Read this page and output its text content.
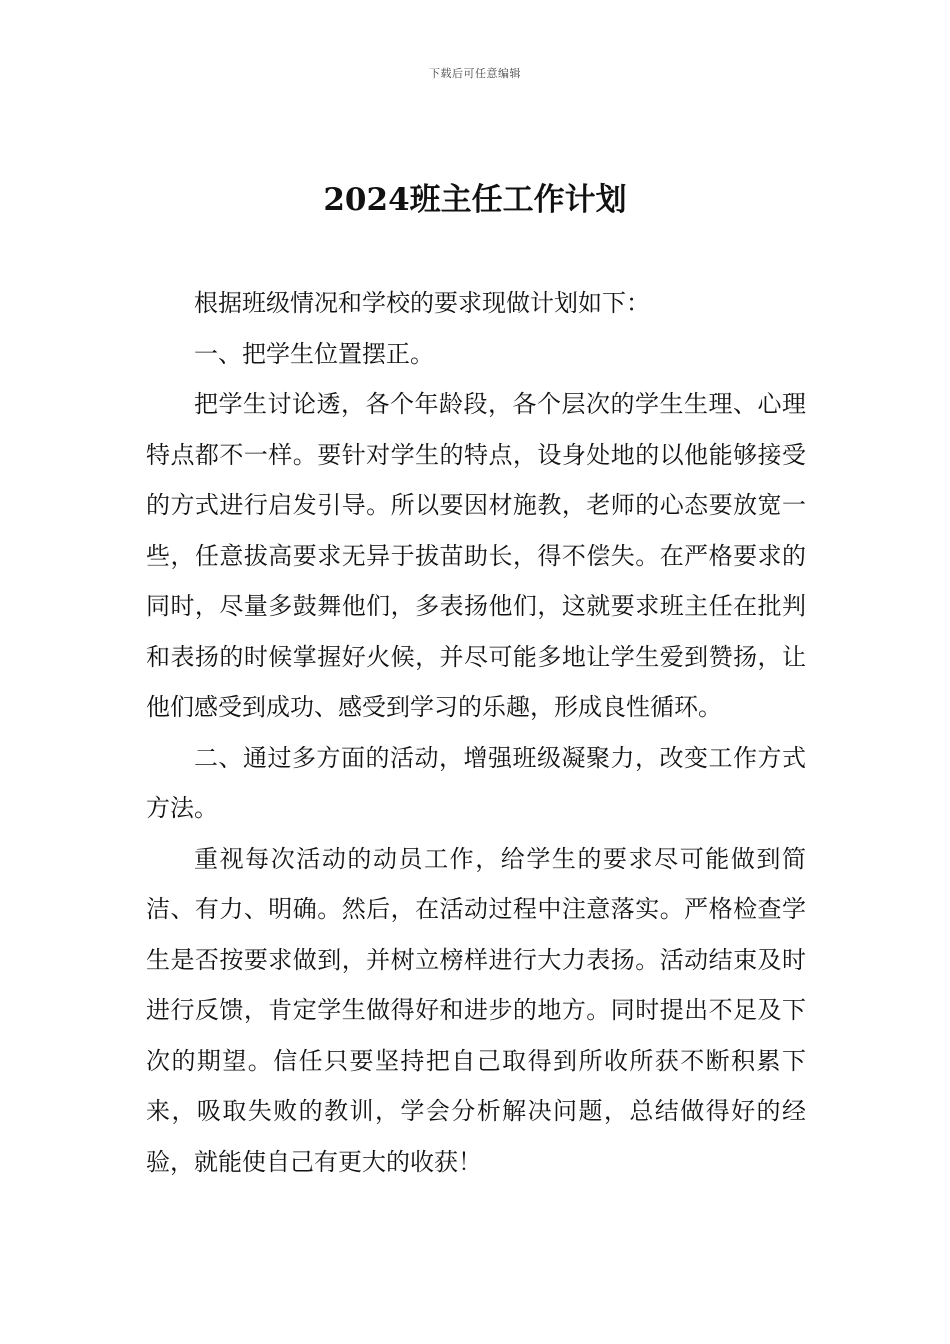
下载后可任意编辑
2024班主任工作计划

根据班级情况和学校的要求现做计划如下：

一、把学生位置摆正。

把学生讨论透，各个年龄段，各个层次的学生生理、心理特点都不一样。要针对学生的特点，设身处地的以他能够接受的方式进行启发引导。所以要因材施教，老师的心态要放宽一些，任意拔高要求无异于拔苗助长，得不偿失。在严格要求的同时，尽量多鼓舞他们，多表扬他们，这就要求班主任在批判和表扬的时候掌握好火候，并尽可能多地让学生爱到赞扬，让他们感受到成功、感受到学习的乐趣，形成良性循环。

二、通过多方面的活动，增强班级凝聚力，改变工作方式方法。

重视每次活动的动员工作，给学生的要求尽可能做到简洁、有力、明确。然后，在活动过程中注意落实。严格检查学生是否按要求做到，并树立榜样进行大力表扬。活动结束及时进行反馈，肯定学生做得好和进步的地方。同时提出不足及下次的期望。信任只要坚持把自己取得到所收所获不断积累下来，吸取失败的教训，学会分析解决问题，总结做得好的经验，就能使自己有更大的收获！
